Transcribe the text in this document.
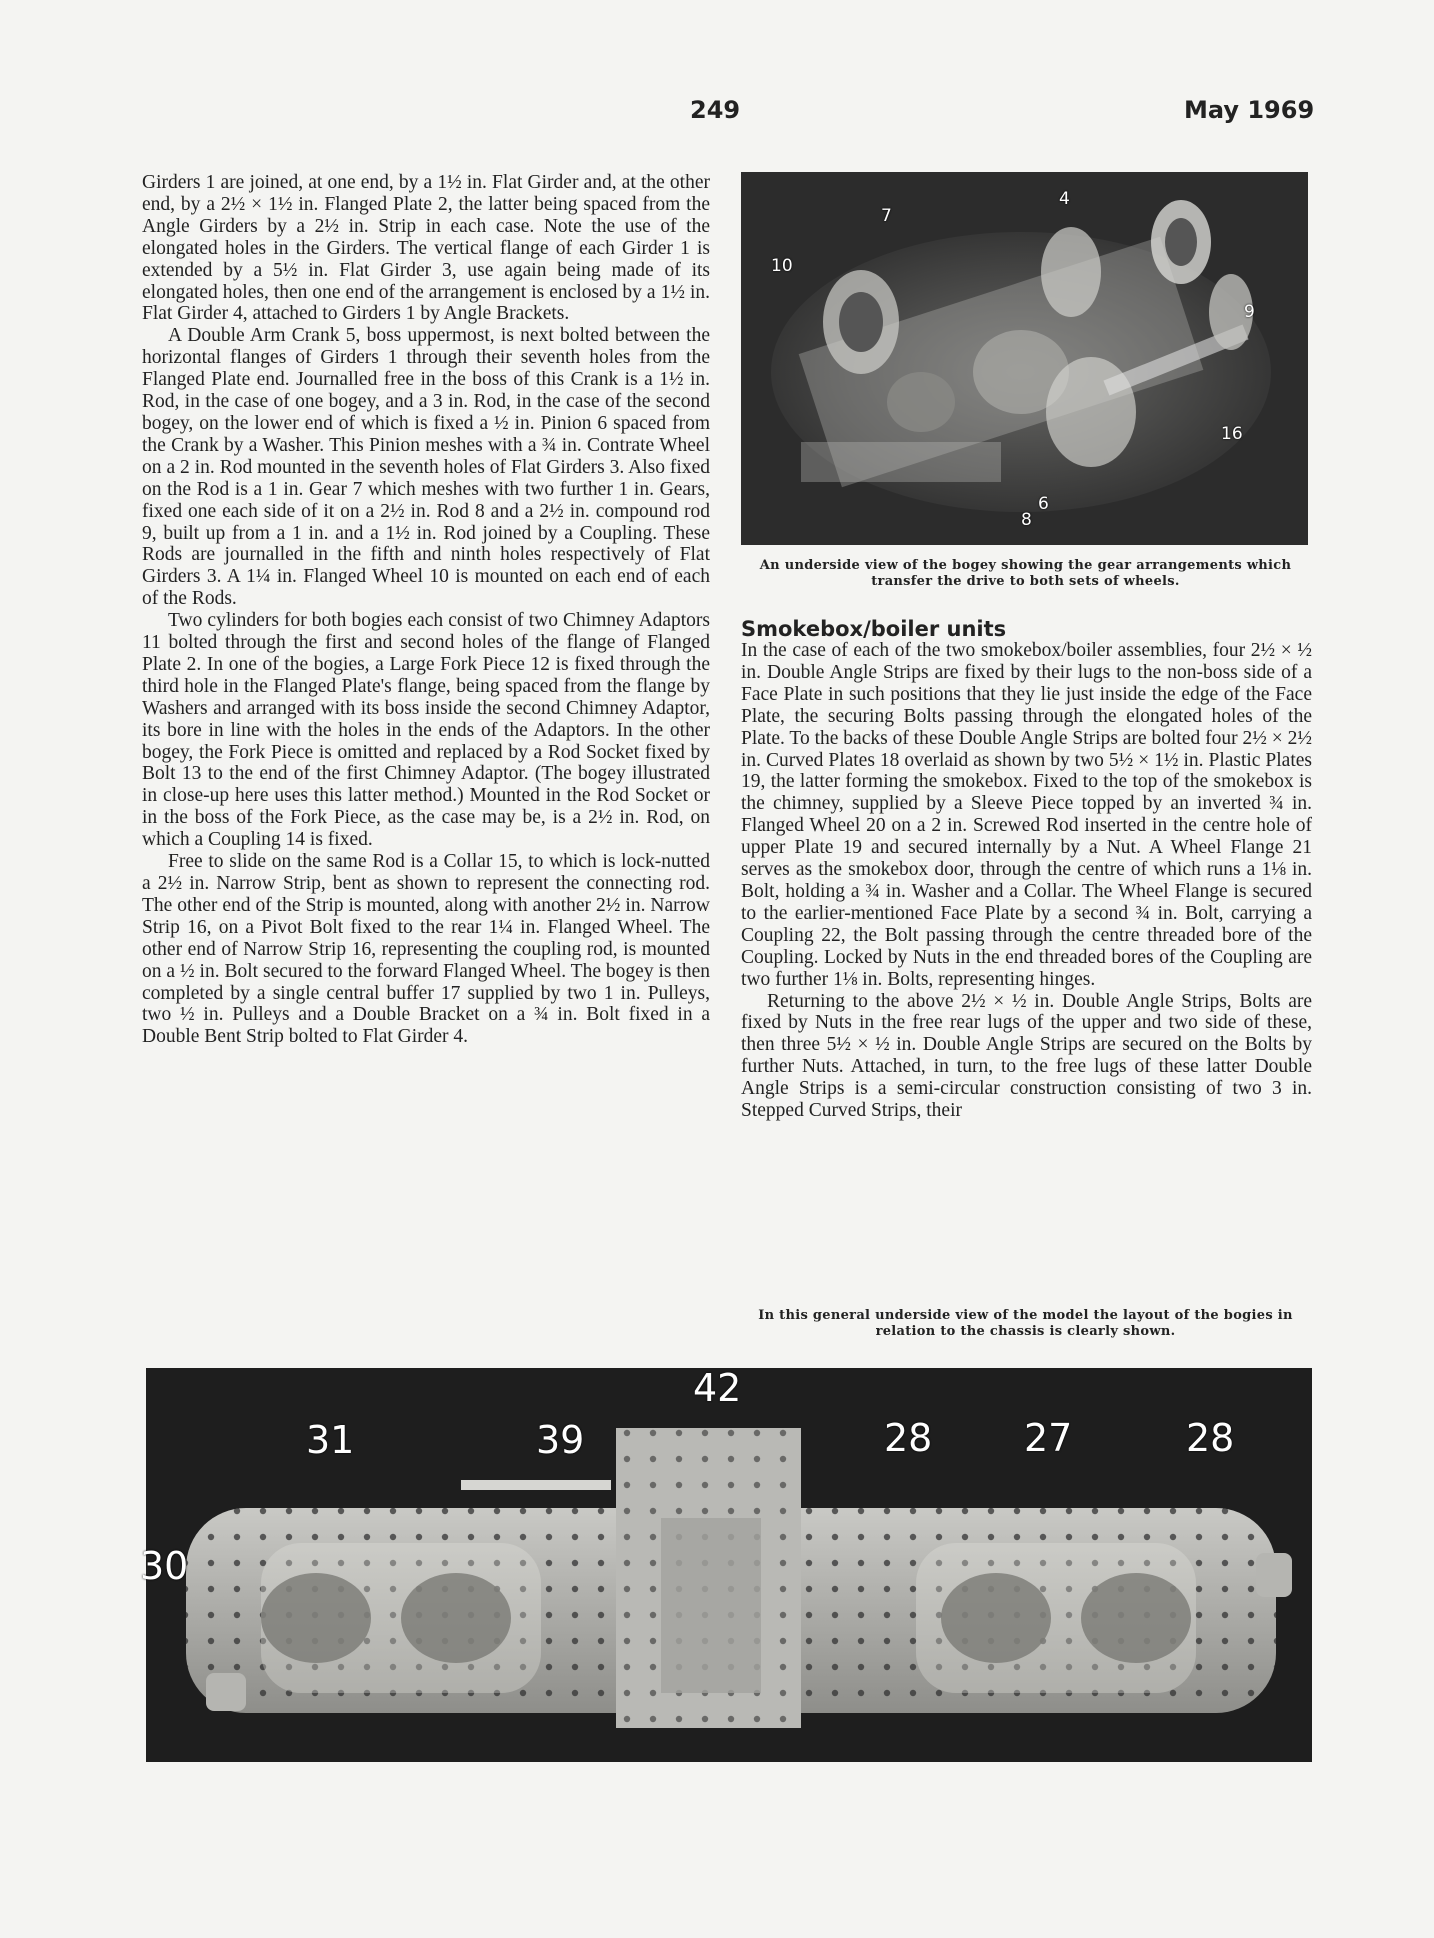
249	May 1969

Girders 1 are joined, at one end, by a 1½ in. Flat Girder and, at the other end, by a 2½ × 1½ in. Flanged Plate 2, the latter being spaced from the Angle Girders by a 2½ in. Strip in each case. Note the use of the elongated holes in the Girders. The vertical flange of each Girder 1 is extended by a 5½ in. Flat Girder 3, use again being made of its elongated holes, then one end of the arrangement is enclosed by a 1½ in. Flat Girder 4, attached to Girders 1 by Angle Brackets.

A Double Arm Crank 5, boss uppermost, is next bolted between the horizontal flanges of Girders 1 through their seventh holes from the Flanged Plate end. Journalled free in the boss of this Crank is a 1½ in. Rod, in the case of one bogey, and a 3 in. Rod, in the case of the second bogey, on the lower end of which is fixed a ½ in. Pinion 6 spaced from the Crank by a Washer. This Pinion meshes with a ¾ in. Contrate Wheel on a 2 in. Rod mounted in the seventh holes of Flat Girders 3. Also fixed on the Rod is a 1 in. Gear 7 which meshes with two further 1 in. Gears, fixed one each side of it on a 2½ in. Rod 8 and a 2½ in. compound rod 9, built up from a 1 in. and a 1½ in. Rod joined by a Coupling. These Rods are journalled in the fifth and ninth holes respectively of Flat Girders 3. A 1¼ in. Flanged Wheel 10 is mounted on each end of each of the Rods.

Two cylinders for both bogies each consist of two Chimney Adaptors 11 bolted through the first and second holes of the flange of Flanged Plate 2. In one of the bogies, a Large Fork Piece 12 is fixed through the third hole in the Flanged Plate's flange, being spaced from the flange by Washers and arranged with its boss inside the second Chimney Adaptor, its bore in line with the holes in the ends of the Adaptors. In the other bogey, the Fork Piece is omitted and replaced by a Rod Socket fixed by Bolt 13 to the end of the first Chimney Adaptor. (The bogey illustrated in close-up here uses this latter method.) Mounted in the Rod Socket or in the boss of the Fork Piece, as the case may be, is a 2½ in. Rod, on which a Coupling 14 is fixed.

Free to slide on the same Rod is a Collar 15, to which is lock-nutted a 2½ in. Narrow Strip, bent as shown to represent the connecting rod. The other end of the Strip is mounted, along with another 2½ in. Narrow Strip 16, on a Pivot Bolt fixed to the rear 1¼ in. Flanged Wheel. The other end of Narrow Strip 16, representing the coupling rod, is mounted on a ½ in. Bolt secured to the forward Flanged Wheel. The bogey is then completed by a single central buffer 17 supplied by two 1 in. Pulleys, two ½ in. Pulleys and a Double Bracket on a ¾ in. Bolt fixed in a Double Bent Strip bolted to Flat Girder 4.

4
7
10
9
16
8
6
An underside view of the bogey showing the gear arrangements which transfer the drive to both sets of wheels.
Smokebox/boiler units

In the case of each of the two smokebox/boiler assemblies, four 2½ × ½ in. Double Angle Strips are fixed by their lugs to the non-boss side of a Face Plate in such positions that they lie just inside the edge of the Face Plate, the securing Bolts passing through the elongated holes of the Plate. To the backs of these Double Angle Strips are bolted four 2½ × 2½ in. Curved Plates 18 overlaid as shown by two 5½ × 1½ in. Plastic Plates 19, the latter forming the smokebox. Fixed to the top of the smokebox is the chimney, supplied by a Sleeve Piece topped by an inverted ¾ in. Flanged Wheel 20 on a 2 in. Screwed Rod inserted in the centre hole of upper Plate 19 and secured internally by a Nut. A Wheel Flange 21 serves as the smokebox door, through the centre of which runs a 1⅛ in. Bolt, holding a ¾ in. Washer and a Collar. The Wheel Flange is secured to the earlier-mentioned Face Plate by a second ¾ in. Bolt, carrying a Coupling 22, the Bolt passing through the centre threaded bore of the Coupling. Locked by Nuts in the end threaded bores of the Coupling are two further 1⅛ in. Bolts, representing hinges.

Returning to the above 2½ × ½ in. Double Angle Strips, Bolts are fixed by Nuts in the free rear lugs of the upper and two side of these, then three 5½ × ½ in. Double Angle Strips are secured on the Bolts by further Nuts. Attached, in turn, to the free lugs of these latter Double Angle Strips is a semi-circular construction consisting of two 3 in. Stepped Curved Strips, their

In this general underside view of the model the layout of the bogies in relation to the chassis is clearly shown.
42
31	39	28 27	28
30
